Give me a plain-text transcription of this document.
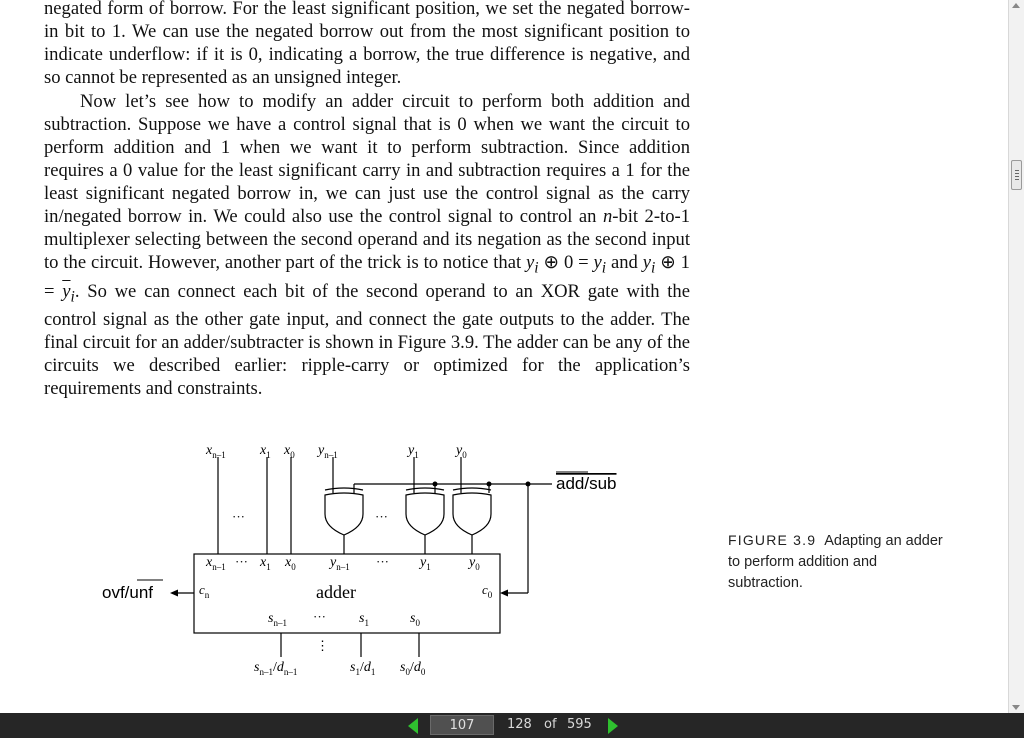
negated form of borrow. For the least significant position, we set the negated borrow-in bit to 1. We can use the negated borrow out from the most significant position to indicate underflow: if it is 0, indicating a borrow, the true difference is negative, and so cannot be represented as an unsigned integer.

Now let’s see how to modify an adder circuit to perform both addition and subtraction. Suppose we have a control signal that is 0 when we want the circuit to perform addition and 1 when we want it to perform subtraction. Since addition requires a 0 value for the least significant carry in and subtraction requires a 1 for the least significant negated borrow in, we can just use the control signal as the carry in/negated borrow in. We could also use the control signal to control an n-bit 2-to-1 multiplexer selecting between the second operand and its negation as the second input to the circuit. However, another part of the trick is to notice that $y_i$ ⊕ $0 = y_i$ and $y_i$ ⊕ $1 = \overline{y}_i$. So we can connect each bit of the second operand to an XOR gate with the control signal as the other gate input, and connect the gate outputs to the adder. The final circuit for an adder/subtracter is shown in Figure 3.9. The adder can be any of the circuits we described earlier: ripple-carry or optimized for the application’s requirements and constraints.

$x_{n-1}$ $x_1$ $x_0$ $y_{n-1}$	$y_1$	$y_0$
···	···
$x_{n-1}$ ··· $x_1$ $x_0$ $y_{n-1}$ ··· $y_1$	$y_0$
$c_n$	adder	$c_0$
$s_{n-1}$ ··· $s_1$	$s_0$
⋮
$s_{n-1}/d_{n-1}$	$s_1/d_1$ $s_0/d_0$
add/sub
ovf/unf
FIGURE 3.9 Adapting an adder to perform addition and subtraction.
107	128 of 595
